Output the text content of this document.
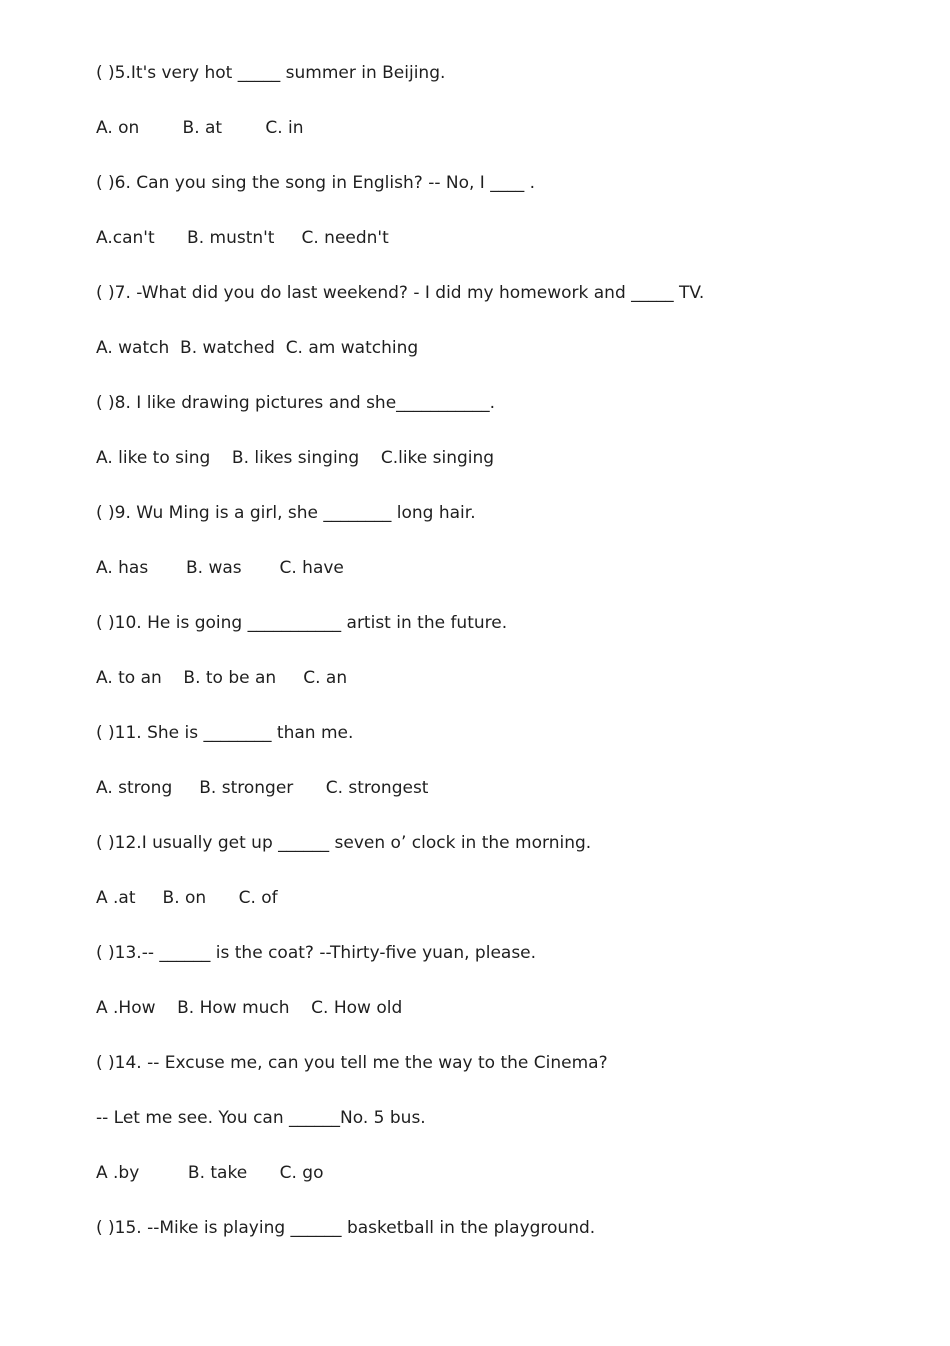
( )5.It's very hot _____ summer in Beijing.
A. on        B. at        C. in
( )6. Can you sing the song in English? -- No, I ____ .
A.can't      B. mustn't     C. needn't
( )7. -What did you do last weekend? - I did my homework and _____ TV.
A. watch  B. watched  C. am watching
( )8. I like drawing pictures and she___________.
A. like to sing    B. likes singing    C.like singing
( )9. Wu Ming is a girl, she ________ long hair.
A. has       B. was       C. have
( )10. He is going ___________ artist in the future.
A. to an    B. to be an     C. an
( )11. She is ________ than me.
A. strong     B. stronger      C. strongest
( )12.I usually get up ______ seven o’ clock in the morning.
A .at     B. on      C. of
( )13.-- ______ is the coat? --Thirty-five yuan, please.
A .How    B. How much    C. How old
( )14. -- Excuse me, can you tell me the way to the Cinema?
-- Let me see. You can ______No. 5 bus.
A .by         B. take      C. go
( )15. --Mike is playing ______ basketball in the playground.
